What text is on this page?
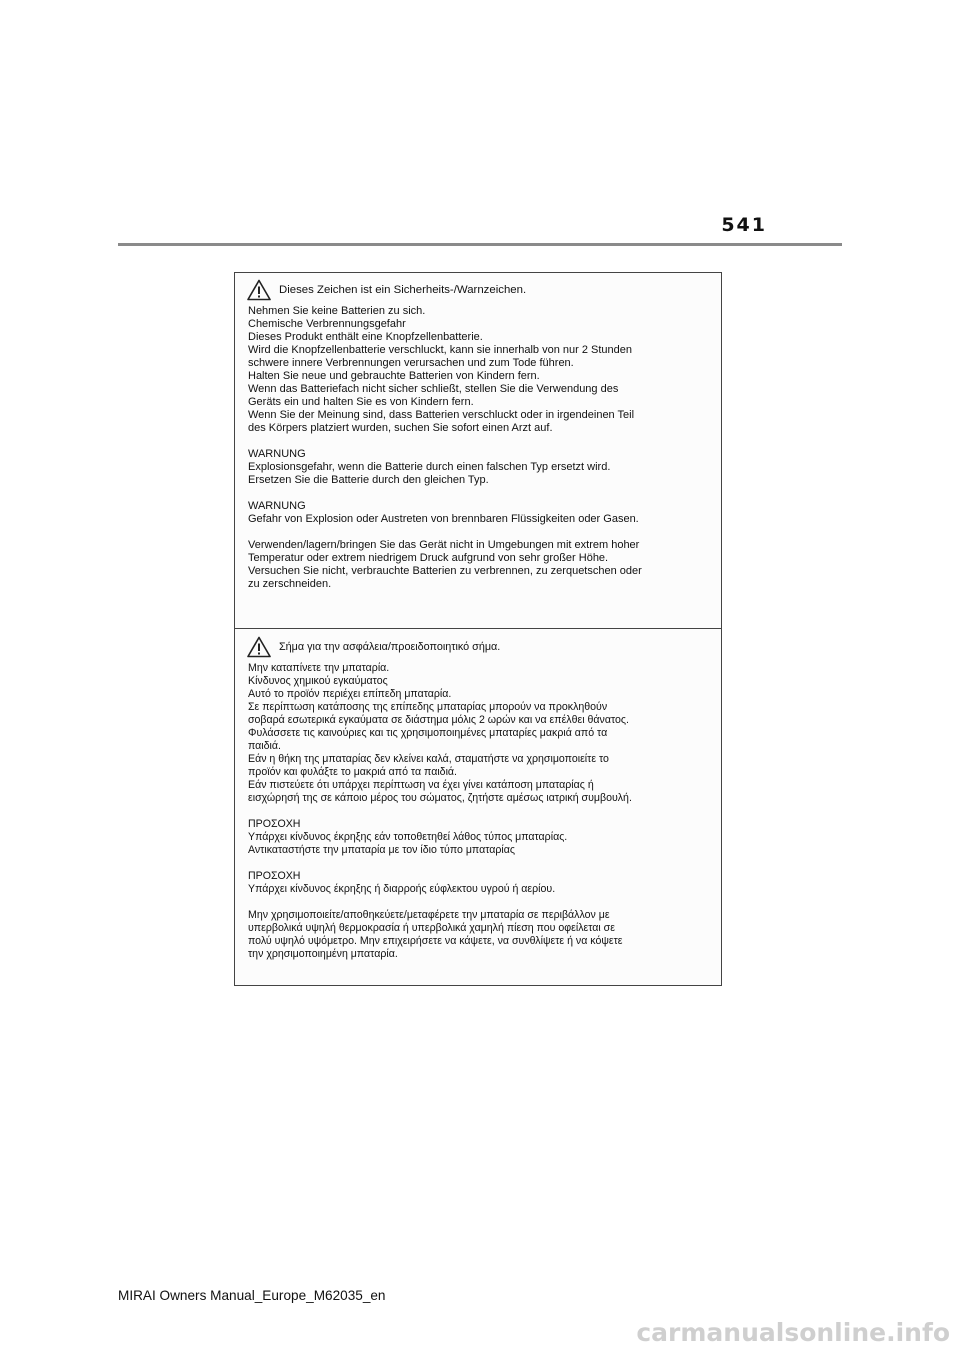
541
Dieses Zeichen ist ein Sicherheits-/Warnzeichen.
Nehmen Sie keine Batterien zu sich.
Chemische Verbrennungsgefahr
Dieses Produkt enthält eine Knopfzellenbatterie.
Wird die Knopfzellenbatterie verschluckt, kann sie innerhalb von nur 2 Stunden
schwere innere Verbrennungen verursachen und zum Tode führen.
Halten Sie neue und gebrauchte Batterien von Kindern fern.
Wenn das Batteriefach nicht sicher schließt, stellen Sie die Verwendung des
Geräts ein und halten Sie es von Kindern fern.
Wenn Sie der Meinung sind, dass Batterien verschluckt oder in irgendeinen Teil
des Körpers platziert wurden, suchen Sie sofort einen Arzt auf.
WARNUNG
Explosionsgefahr, wenn die Batterie durch einen falschen Typ ersetzt wird.
Ersetzen Sie die Batterie durch den gleichen Typ.
WARNUNG
Gefahr von Explosion oder Austreten von brennbaren Flüssigkeiten oder Gasen.
Verwenden/lagern/bringen Sie das Gerät nicht in Umgebungen mit extrem hoher
Temperatur oder extrem niedrigem Druck aufgrund von sehr großer Höhe.
Versuchen Sie nicht, verbrauchte Batterien zu verbrennen, zu zerquetschen oder
zu zerschneiden.
Σήμα για την ασφάλεια/προειδοποιητικό σήμα.
Μην καταπίνετε την μπαταρία.
Κίνδυνος χημικού εγκαύματος
Αυτό το προϊόν περιέχει επίπεδη μπαταρία.
Σε περίπτωση κατάποσης της επίπεδης μπαταρίας μπορούν να προκληθούν
σοβαρά εσωτερικά εγκαύματα σε διάστημα μόλις 2 ωρών και να επέλθει θάνατος.
Φυλάσσετε τις καινούριες και τις χρησιμοποιημένες μπαταρίες μακριά από τα
παιδιά.
Εάν η θήκη της μπαταρίας δεν κλείνει καλά, σταματήστε να χρησιμοποιείτε το
προϊόν και φυλάξτε το μακριά από τα παιδιά.
Εάν πιστεύετε ότι υπάρχει περίπτωση να έχει γίνει κατάποση μπαταρίας ή
εισχώρησή της σε κάποιο μέρος του σώματος, ζητήστε αμέσως ιατρική συμβουλή.
ΠΡΟΣΟΧΗ
Υπάρχει κίνδυνος έκρηξης εάν τοποθετηθεί λάθος τύπος μπαταρίας.
Αντικαταστήστε την μπαταρία με τον ίδιο τύπο μπαταρίας
ΠΡΟΣΟΧΗ
Υπάρχει κίνδυνος έκρηξης ή διαρροής εύφλεκτου υγρού ή αερίου.
Μην χρησιμοποιείτε/αποθηκεύετε/μεταφέρετε την μπαταρία σε περιβάλλον με
υπερβολικά υψηλή θερμοκρασία ή υπερβολικά χαμηλή πίεση που οφείλεται σε
πολύ υψηλό υψόμετρο. Μην επιχειρήσετε να κάψετε, να συνθλίψετε ή να κόψετε
την χρησιμοποιημένη μπαταρία.
MIRAI Owners Manual_Europe_M62035_en
carmanualsonline.info
